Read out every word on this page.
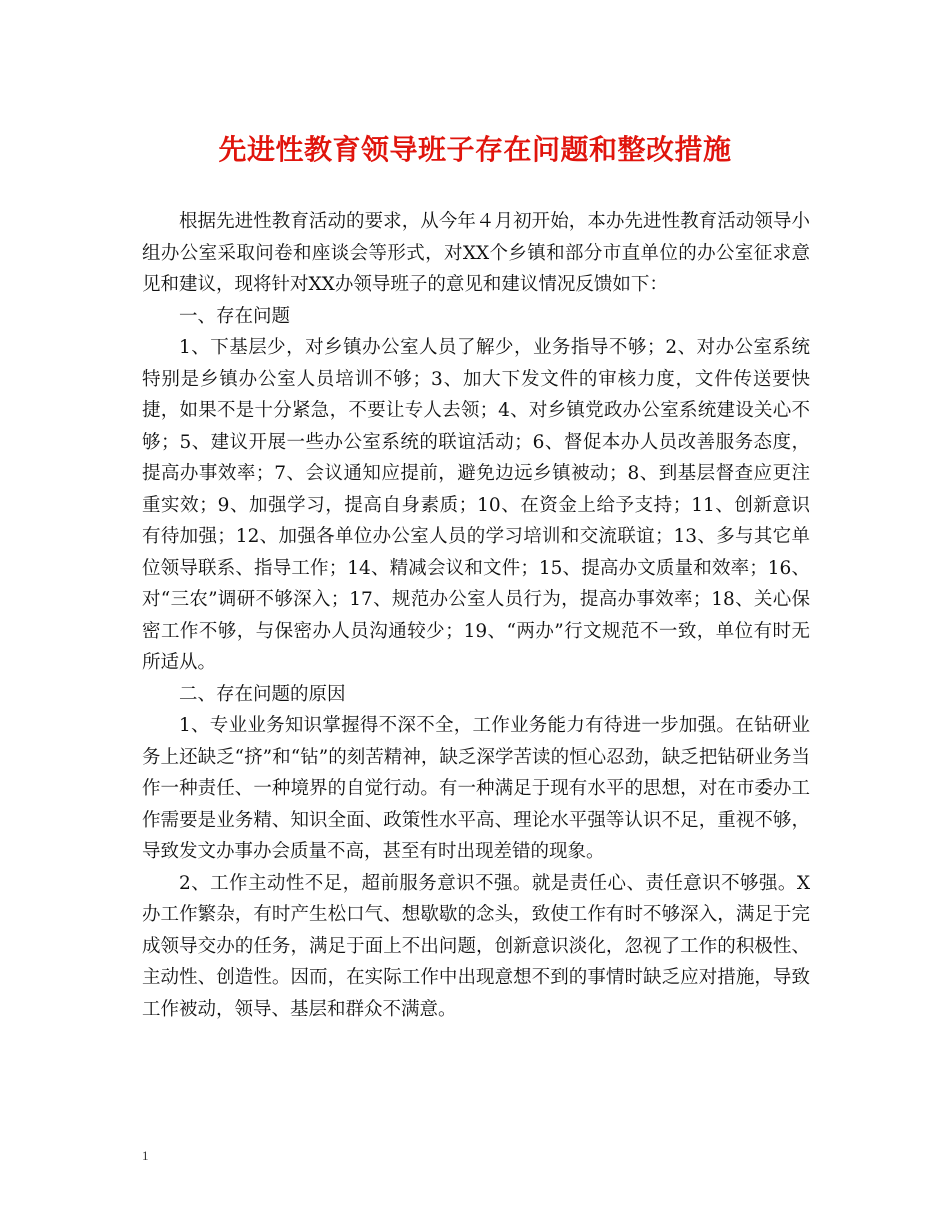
先进性教育领导班子存在问题和整改措施

根据先进性教育活动的要求，从今年４月初开始，本办先进性教育活动领导小组办公室采取问卷和座谈会等形式，对XX个乡镇和部分市直单位的办公室征求意见和建议，现将针对XX办领导班子的意见和建议情况反馈如下：

一、存在问题

1、下基层少，对乡镇办公室人员了解少，业务指导不够；2、对办公室系统特别是乡镇办公室人员培训不够；3、加大下发文件的审核力度，文件传送要快捷，如果不是十分紧急，不要让专人去领；4、对乡镇党政办公室系统建设关心不够；5、建议开展一些办公室系统的联谊活动；6、督促本办人员改善服务态度，提高办事效率；7、会议通知应提前，避免边远乡镇被动；8、到基层督查应更注重实效；9、加强学习，提高自身素质；10、在资金上给予支持；11、创新意识有待加强；12、加强各单位办公室人员的学习培训和交流联谊；13、多与其它单位领导联系、指导工作；14、精减会议和文件；15、提高办文质量和效率；16、对“三农”调研不够深入；17、规范办公室人员行为，提高办事效率；18、关心保密工作不够，与保密办人员沟通较少；19、“两办”行文规范不一致，单位有时无所适从。

二、存在问题的原因

1、专业业务知识掌握得不深不全，工作业务能力有待进一步加强。在钻研业务上还缺乏“挤”和“钻”的刻苦精神，缺乏深学苦读的恒心忍劲，缺乏把钻研业务当作一种责任、一种境界的自觉行动。有一种满足于现有水平的思想，对在市委办工作需要是业务精、知识全面、政策性水平高、理论水平强等认识不足，重视不够，导致发文办事办会质量不高，甚至有时出现差错的现象。

2、工作主动性不足，超前服务意识不强。就是责任心、责任意识不够强。X办工作繁杂，有时产生松口气、想歇歇的念头，致使工作有时不够深入，满足于完成领导交办的任务，满足于面上不出问题，创新意识淡化，忽视了工作的积极性、主动性、创造性。因而，在实际工作中出现意想不到的事情时缺乏应对措施，导致工作被动，领导、基层和群众不满意。

1
